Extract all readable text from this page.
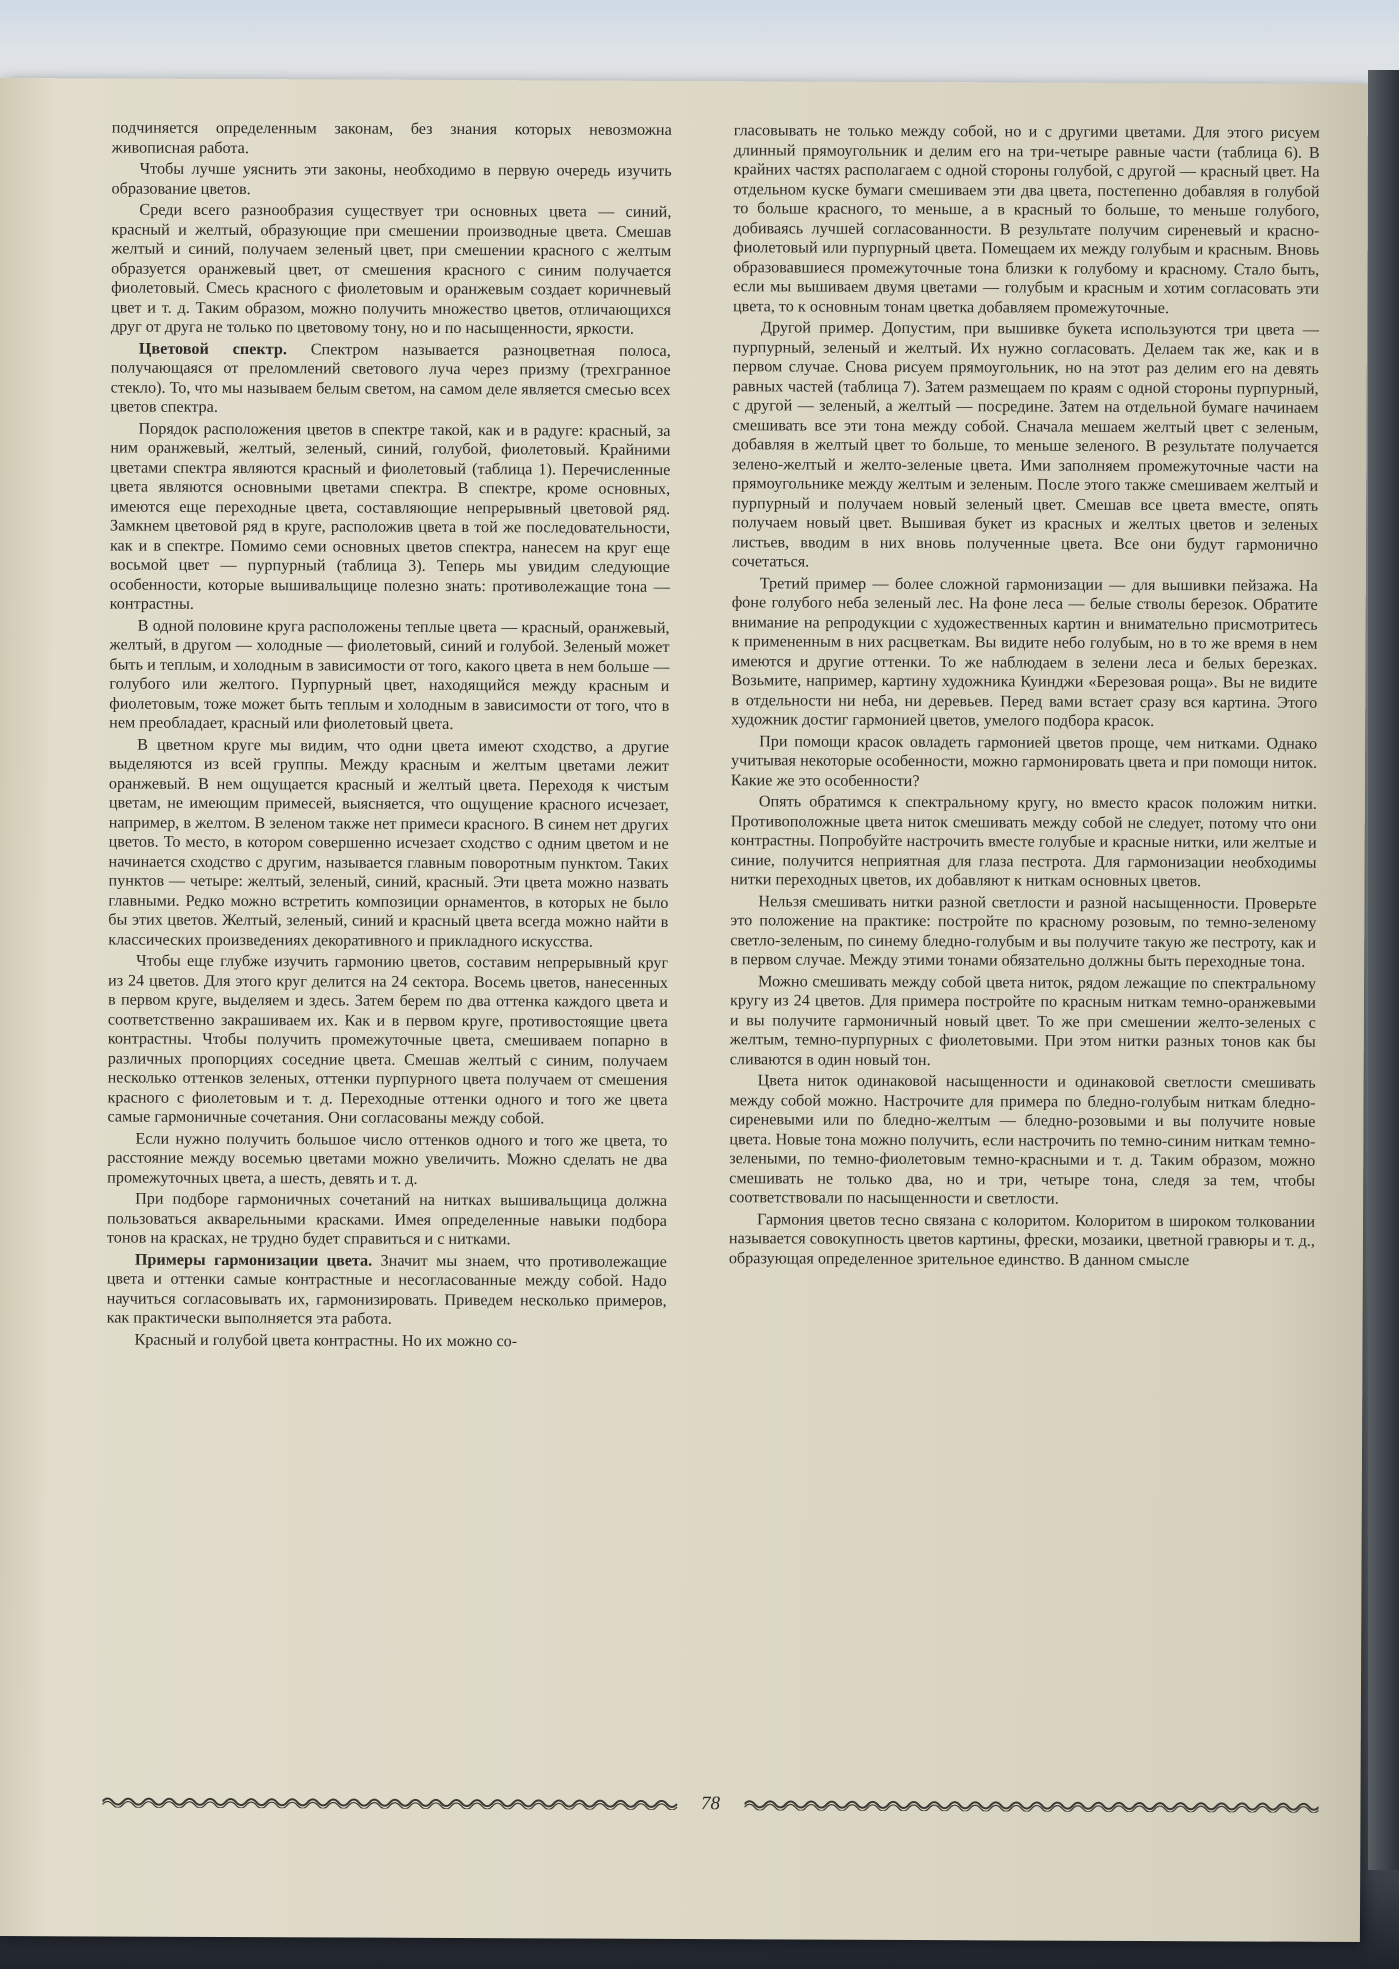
подчиняется определенным законам, без знания которых невозможна живописная работа.

Чтобы лучше уяснить эти законы, необходимо в первую очередь изучить образование цветов.

Среди всего разнообразия существует три основных цвета — синий, красный и желтый, образующие при смешении производные цвета. Смешав желтый и синий, получаем зеленый цвет, при смешении красного с желтым образуется оранжевый цвет, от смешения красного с синим получается фиолетовый. Смесь красного с фиолетовым и оранжевым создает коричневый цвет и т. д. Таким образом, можно получить множество цветов, отличающихся друг от друга не только по цветовому тону, но и по насыщенности, яркости.

Цветовой спектр. Спектром называется разноцветная полоса, получающаяся от преломлений светового луча через призму (трехгранное стекло). То, что мы называем белым светом, на самом деле является смесью всех цветов спектра.

Порядок расположения цветов в спектре такой, как и в радуге: красный, за ним оранжевый, желтый, зеленый, синий, голубой, фиолетовый. Крайними цветами спектра являются красный и фиолетовый (таблица 1). Перечисленные цвета являются основными цветами спектра. В спектре, кроме основных, имеются еще переходные цвета, составляющие непрерывный цветовой ряд. Замкнем цветовой ряд в круге, расположив цвета в той же последовательности, как и в спектре. Помимо семи основных цветов спектра, нанесем на круг еще восьмой цвет — пурпурный (таблица 3). Теперь мы увидим следующие особенности, которые вышивальщице полезно знать: противолежащие тона — контрастны.

В одной половине круга расположены теплые цвета — красный, оранжевый, желтый, в другом — холодные — фиолетовый, синий и голубой. Зеленый может быть и теплым, и холодным в зависимости от того, какого цвета в нем больше — голубого или желтого. Пурпурный цвет, находящийся между красным и фиолетовым, тоже может быть теплым и холодным в зависимости от того, что в нем преобладает, красный или фиолетовый цвета.

В цветном круге мы видим, что одни цвета имеют сходство, а другие выделяются из всей группы. Между красным и желтым цветами лежит оранжевый. В нем ощущается красный и желтый цвета. Переходя к чистым цветам, не имеющим примесей, выясняется, что ощущение красного исчезает, например, в желтом. В зеленом также нет примеси красного. В синем нет других цветов. То место, в котором совершенно исчезает сходство с одним цветом и не начинается сходство с другим, называется главным поворотным пунктом. Таких пунктов — четыре: желтый, зеленый, синий, красный. Эти цвета можно назвать главными. Редко можно встретить композиции орнаментов, в которых не было бы этих цветов. Желтый, зеленый, синий и красный цвета всегда можно найти в классических произведениях декоративного и прикладного искусства.

Чтобы еще глубже изучить гармонию цветов, составим непрерывный круг из 24 цветов. Для этого круг делится на 24 сектора. Восемь цветов, нанесенных в первом круге, выделяем и здесь. Затем берем по два оттенка каждого цвета и соответственно закрашиваем их. Как и в первом круге, противостоящие цвета контрастны. Чтобы получить промежуточные цвета, смешиваем попарно в различных пропорциях соседние цвета. Смешав желтый с синим, получаем несколько оттенков зеленых, оттенки пурпурного цвета получаем от смешения красного с фиолетовым и т. д. Переходные оттенки одного и того же цвета самые гармоничные сочетания. Они согласованы между собой.

Если нужно получить большое число оттенков одного и того же цвета, то расстояние между восемью цветами можно увеличить. Можно сделать не два промежуточных цвета, а шесть, девять и т. д.

При подборе гармоничных сочетаний на нитках вышивальщица должна пользоваться акварельными красками. Имея определенные навыки подбора тонов на красках, не трудно будет справиться и с нитками.

Примеры гармонизации цвета. Значит мы знаем, что противолежащие цвета и оттенки самые контрастные и несогласованные между собой. Надо научиться согласовывать их, гармонизировать. Приведем несколько примеров, как практически выполняется эта работа.

Красный и голубой цвета контрастны. Но их можно со-

гласовывать не только между собой, но и с другими цветами. Для этого рисуем длинный прямоугольник и делим его на три-четыре равные части (таблица 6). В крайних частях располагаем с одной стороны голубой, с другой — красный цвет. На отдельном куске бумаги смешиваем эти два цвета, постепенно добавляя в голубой то больше красного, то меньше, а в красный то больше, то меньше голубого, добиваясь лучшей согласованности. В результате получим сиреневый и красно-фиолетовый или пурпурный цвета. Помещаем их между голубым и красным. Вновь образовавшиеся промежуточные тона близки к голубому и красному. Стало быть, если мы вышиваем двумя цветами — голубым и красным и хотим согласовать эти цвета, то к основным тонам цветка добавляем промежуточные.

Другой пример. Допустим, при вышивке букета используются три цвета — пурпурный, зеленый и желтый. Их нужно согласовать. Делаем так же, как и в первом случае. Снова рисуем прямоугольник, но на этот раз делим его на девять равных частей (таблица 7). Затем размещаем по краям с одной стороны пурпурный, с другой — зеленый, а желтый — посредине. Затем на отдельной бумаге начинаем смешивать все эти тона между собой. Сначала мешаем желтый цвет с зеленым, добавляя в желтый цвет то больше, то меньше зеленого. В результате получается зелено-желтый и желто-зеленые цвета. Ими заполняем промежуточные части на прямоугольнике между желтым и зеленым. После этого также смешиваем желтый и пурпурный и получаем новый зеленый цвет. Смешав все цвета вместе, опять получаем новый цвет. Вышивая букет из красных и желтых цветов и зеленых листьев, вводим в них вновь полученные цвета. Все они будут гармонично сочетаться.

Третий пример — более сложной гармонизации — для вышивки пейзажа. На фоне голубого неба зеленый лес. На фоне леса — белые стволы березок. Обратите внимание на репродукции с художественных картин и внимательно присмотритесь к примененным в них расцветкам. Вы видите небо голубым, но в то же время в нем имеются и другие оттенки. То же наблюдаем в зелени леса и белых березках. Возьмите, например, картину художника Куинджи «Березовая роща». Вы не видите в отдельности ни неба, ни деревьев. Перед вами встает сразу вся картина. Этого художник достиг гармонией цветов, умелого подбора красок.

При помощи красок овладеть гармонией цветов проще, чем нитками. Однако учитывая некоторые особенности, можно гармонировать цвета и при помощи ниток. Какие же это особенности?

Опять обратимся к спектральному кругу, но вместо красок положим нитки. Противоположные цвета ниток смешивать между собой не следует, потому что они контрастны. Попробуйте настрочить вместе голубые и красные нитки, или желтые и синие, получится неприятная для глаза пестрота. Для гармонизации необходимы нитки переходных цветов, их добавляют к ниткам основных цветов.

Нельзя смешивать нитки разной светлости и разной насыщенности. Проверьте это положение на практике: постройте по красному розовым, по темно-зеленому светло-зеленым, по синему бледно-голубым и вы получите такую же пестроту, как и в первом случае. Между этими тонами обязательно должны быть переходные тона.

Можно смешивать между собой цвета ниток, рядом лежащие по спектральному кругу из 24 цветов. Для примера постройте по красным ниткам темно-оранжевыми и вы получите гармоничный новый цвет. То же при смешении желто-зеленых с желтым, темно-пурпурных с фиолетовыми. При этом нитки разных тонов как бы сливаются в один новый тон.

Цвета ниток одинаковой насыщенности и одинаковой светлости смешивать между собой можно. Настрочите для примера по бледно-голубым ниткам бледно-сиреневыми или по бледно-желтым — бледно-розовыми и вы получите новые цвета. Новые тона можно получить, если настрочить по темно-синим ниткам темно-зелеными, по темно-фиолетовым темно-красными и т. д. Таким образом, можно смешивать не только два, но и три, четыре тона, следя за тем, чтобы соответствовали по насыщенности и светлости.

Гармония цветов тесно связана с колоритом. Колоритом в широком толковании называется совокупность цветов картины, фрески, мозаики, цветной гравюры и т. д., образующая определенное зрительное единство. В данном смысле

78
